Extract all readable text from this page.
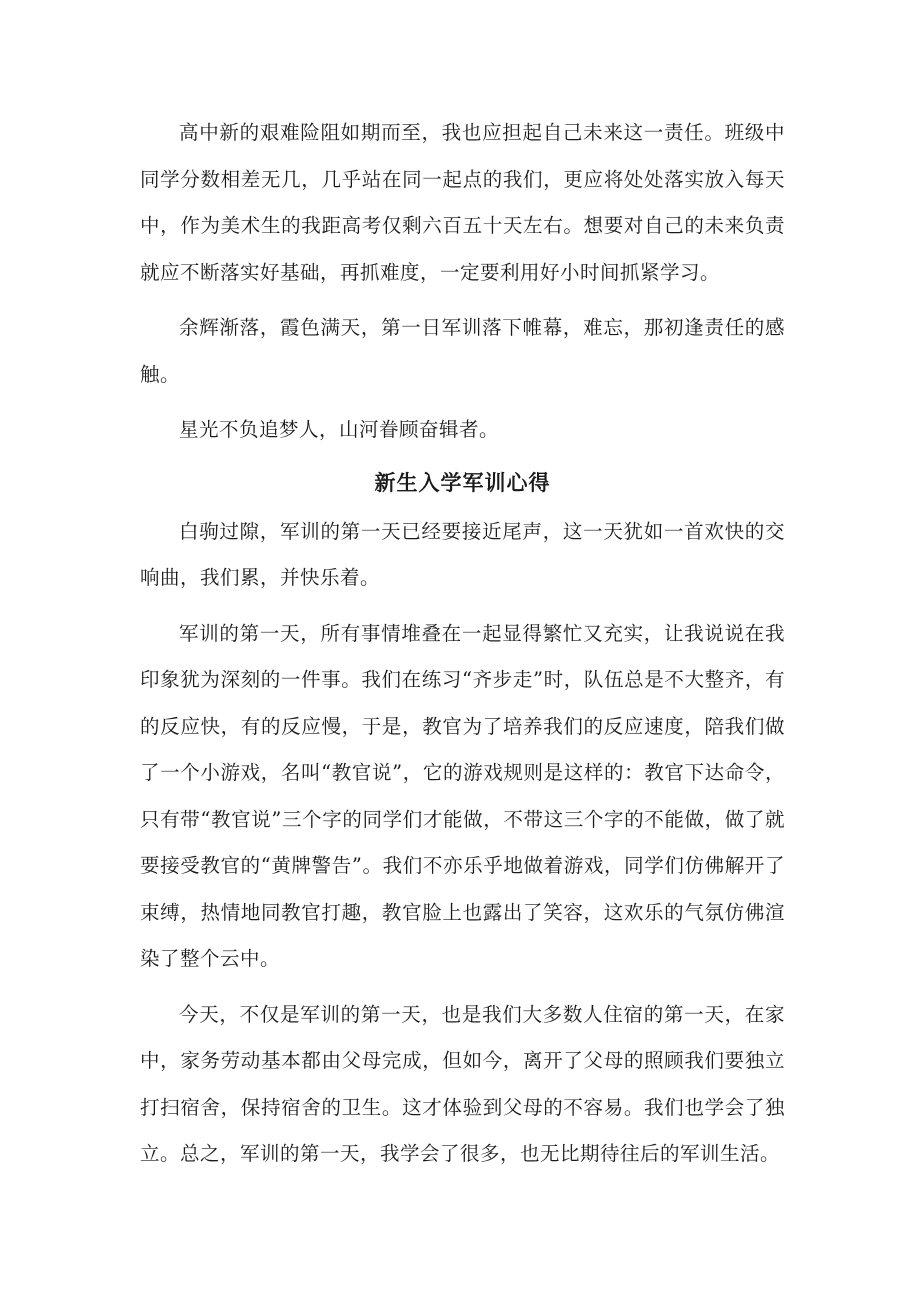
高中新的艰难险阻如期而至，我也应担起自己未来这一责任。班级中同学分数相差无几，几乎站在同一起点的我们，更应将处处落实放入每天中，作为美术生的我距高考仅剩六百五十天左右。想要对自己的未来负责就应不断落实好基础，再抓难度，一定要利用好小时间抓紧学习。

余辉渐落，霞色满天，第一日军训落下帷幕，难忘，那初逢责任的感触。

星光不负追梦人，山河眷顾奋辑者。

新生入学军训心得

白驹过隙，军训的第一天已经要接近尾声，这一天犹如一首欢快的交响曲，我们累，并快乐着。

军训的第一天，所有事情堆叠在一起显得繁忙又充实，让我说说在我印象犹为深刻的一件事。我们在练习“齐步走”时，队伍总是不大整齐，有的反应快，有的反应慢，于是，教官为了培养我们的反应速度，陪我们做了一个小游戏，名叫“教官说”，它的游戏规则是这样的：教官下达命令，只有带“教官说”三个字的同学们才能做，不带这三个字的不能做，做了就要接受教官的“黄牌警告”。我们不亦乐乎地做着游戏，同学们仿佛解开了束缚，热情地同教官打趣，教官脸上也露出了笑容，这欢乐的气氛仿佛渲染了整个云中。

今天，不仅是军训的第一天，也是我们大多数人住宿的第一天，在家中，家务劳动基本都由父母完成，但如今，离开了父母的照顾我们要独立打扫宿舍，保持宿舍的卫生。这才体验到父母的不容易。我们也学会了独立。总之，军训的第一天，我学会了很多，也无比期待往后的军训生活。
